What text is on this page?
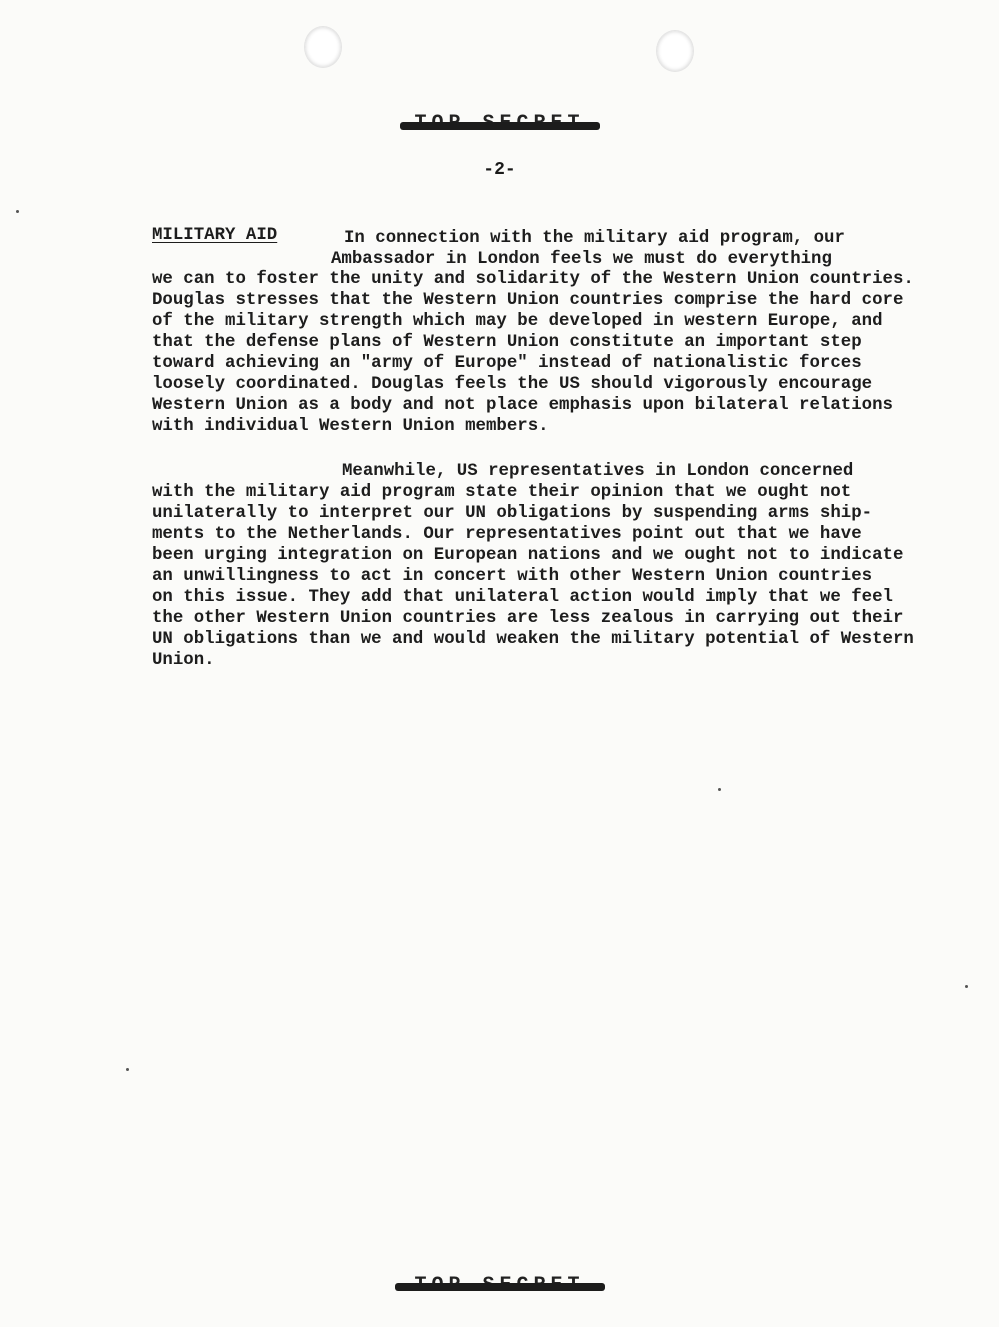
-2-
MILITARY AID	In connection with the military aid program, our
Ambassador in London feels we must do everything
we can to foster the unity and solidarity of the Western Union countries.
Douglas stresses that the Western Union countries comprise the hard core
of the military strength which may be developed in western Europe, and
that the defense plans of Western Union constitute an important step
toward achieving an "army of Europe" instead of nationalistic forces
loosely coordinated. Douglas feels the US should vigorously encourage
Western Union as a body and not place emphasis upon bilateral relations
with individual Western Union members.
Meanwhile, US representatives in London concerned
with the military aid program state their opinion that we ought not
unilaterally to interpret our UN obligations by suspending arms ship-
ments to the Netherlands. Our representatives point out that we have
been urging integration on European nations and we ought not to indicate
an unwillingness to act in concert with other Western Union countries
on this issue. They add that unilateral action would imply that we feel
the other Western Union countries are less zealous in carrying out their
UN obligations than we and would weaken the military potential of Western
Union.
